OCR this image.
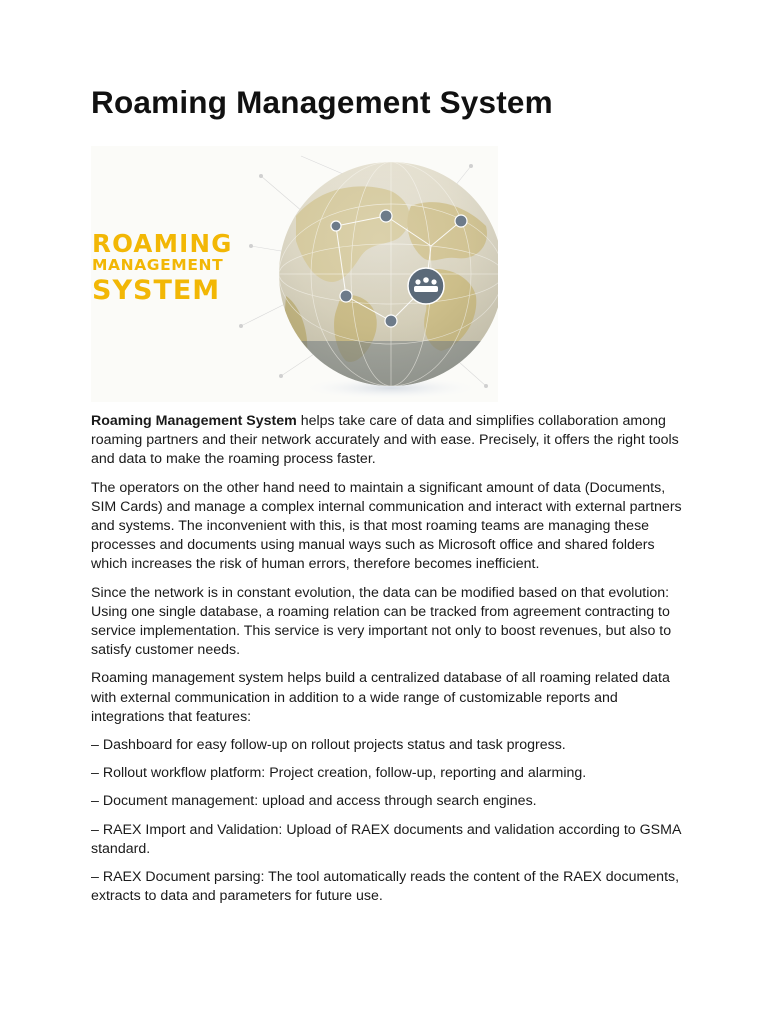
Roaming Management System
ROAMING
MANAGEMENT
SYSTEM

Roaming Management System helps take care of data and simplifies collaboration among roaming partners and their network accurately and with ease. Precisely, it offers the right tools and data to make the roaming process faster.

The operators on the other hand need to maintain a significant amount of data (Documents, SIM Cards) and manage a complex internal communication and interact with external partners and systems. The inconvenient with this, is that most roaming teams are managing these processes and documents using manual ways such as Microsoft office and shared folders which increases the risk of human errors, therefore becomes inefficient.

Since the network is in constant evolution, the data can be modified based on that evolution: Using one single database, a roaming relation can be tracked from agreement contracting to service implementation. This service is very important not only to boost revenues, but also to satisfy customer needs.

Roaming management system helps build a centralized database of all roaming related data with external communication in addition to a wide range of customizable reports and integrations that features:

– Dashboard for easy follow-up on rollout projects status and task progress.

– Rollout workflow platform: Project creation, follow-up, reporting and alarming.

– Document management: upload and access through search engines.

– RAEX Import and Validation: Upload of RAEX documents and validation according to GSMA standard.

– RAEX Document parsing: The tool automatically reads the content of the RAEX documents, extracts to data and parameters for future use.
